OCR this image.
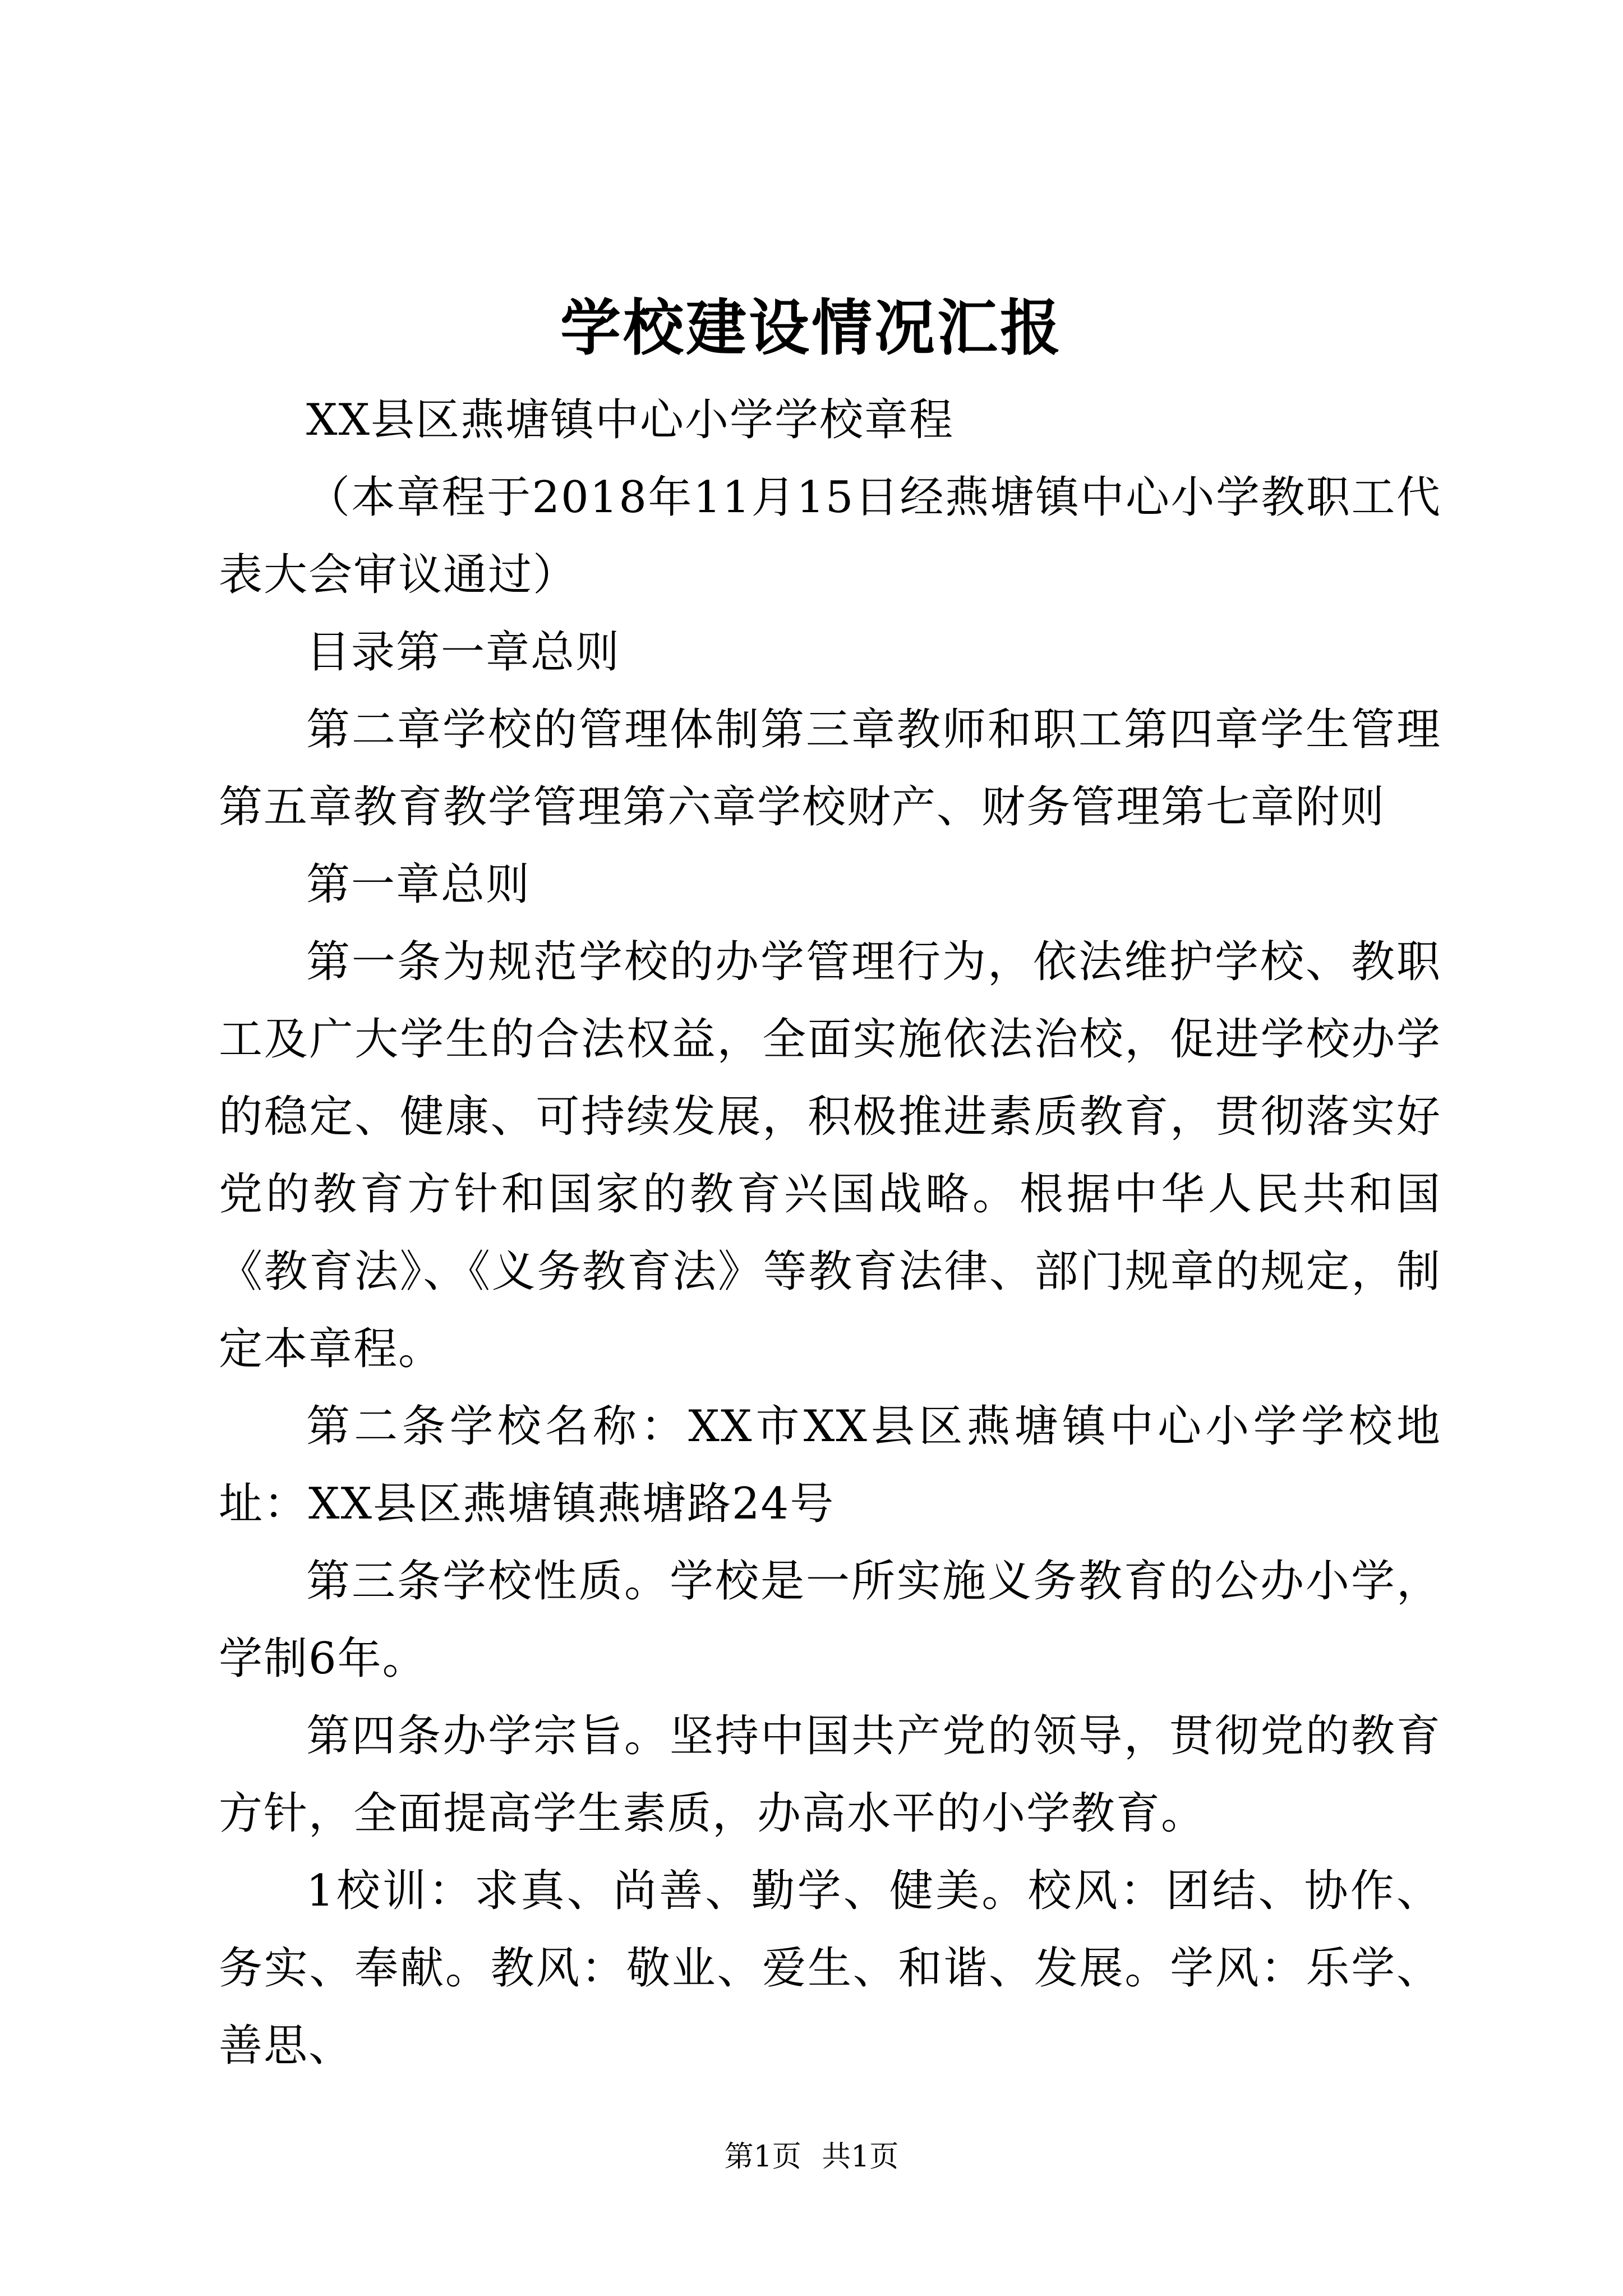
学校建设情况汇报

XX县区燕塘镇中心小学学校章程

（本章程于2018年11月15日经燕塘镇中心小学教职工代表大会审议通过）

目录第一章总则

第二章学校的管理体制第三章教师和职工第四章学生管理第五章教育教学管理第六章学校财产、财务管理第七章附则

第一章总则

第一条为规范学校的办学管理行为，依法维护学校、教职工及广大学生的合法权益，全面实施依法治校，促进学校办学的稳定、健康、可持续发展，积极推进素质教育，贯彻落实好党的教育方针和国家的教育兴国战略。根据中华人民共和国《教育法》、《义务教育法》等教育法律、部门规章的规定，制定本章程。

第二条学校名称：XX市XX县区燕塘镇中心小学学校地址：XX县区燕塘镇燕塘路24号

第三条学校性质。学校是一所实施义务教育的公办小学，学制6年。

第四条办学宗旨。坚持中国共产党的领导，贯彻党的教育方针，全面提高学生素质，办高水平的小学教育。

1校训：求真、尚善、勤学、健美。校风：团结、协作、务实、奉献。教风：敬业、爱生、和谐、发展。学风：乐学、善思、

第1页 共1页
